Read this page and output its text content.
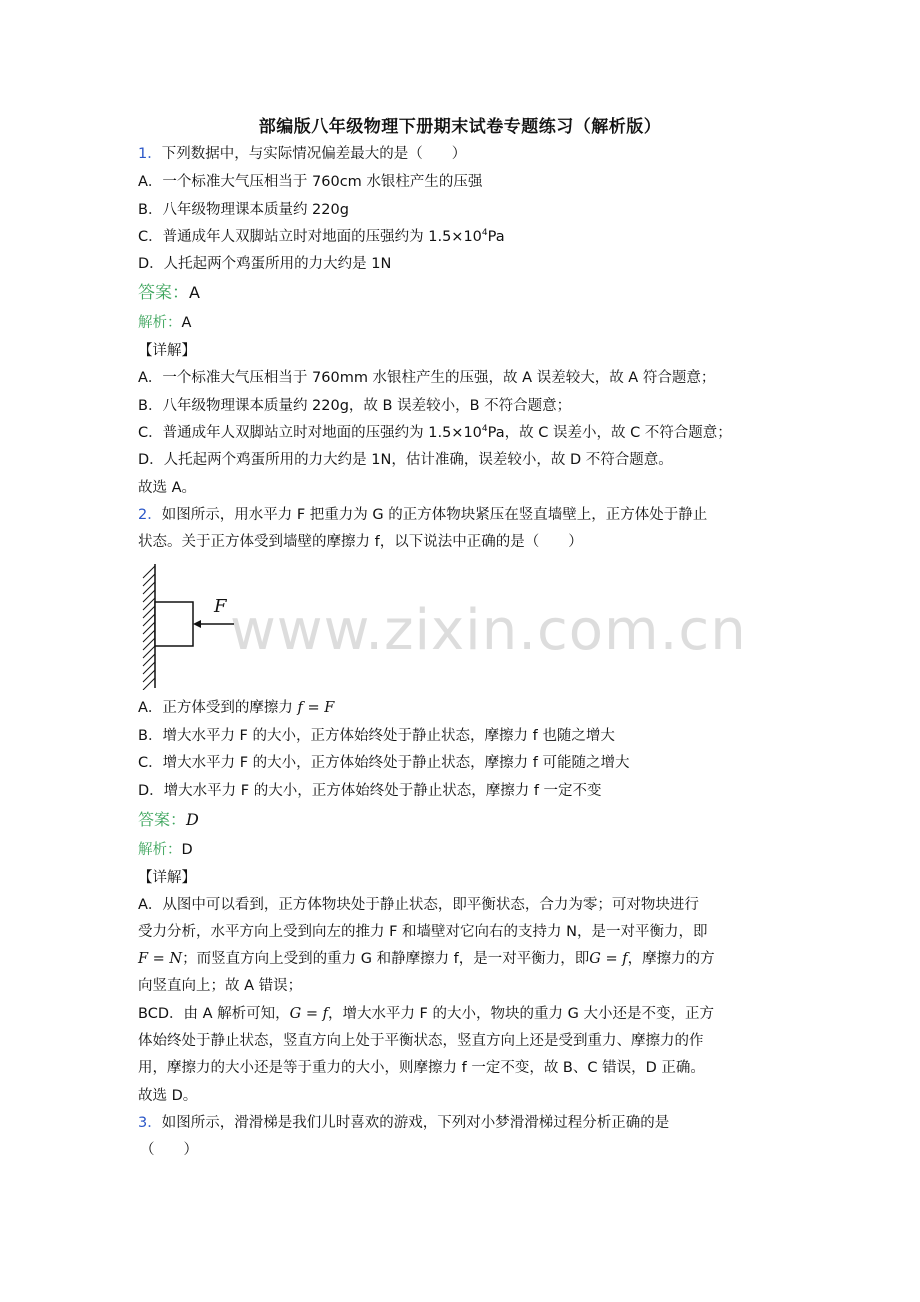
www.zixin.com.cn
部编版八年级物理下册期末试卷专题练习（解析版）
1．下列数据中，与实际情况偏差最大的是（　　）
A．一个标准大气压相当于 760cm 水银柱产生的压强
B．八年级物理课本质量约 220g
C．普通成年人双脚站立时对地面的压强约为 $1.5\times 10^4Pa$
D．人托起两个鸡蛋所用的力大约是 1N
答案：A
解析：A
【详解】
A．一个标准大气压相当于 760mm 水银柱产生的压强，故 A 误差较大，故 A 符合题意；
B．八年级物理课本质量约 220g，故 B 误差较小，B 不符合题意；
C．普通成年人双脚站立时对地面的压强约为 $1.5\times 10^4Pa$，故 C 误差小，故 C 不符合题意；
D．人托起两个鸡蛋所用的力大约是 1N，估计准确，误差较小，故 D 不符合题意。
故选 A。
2．如图所示，用水平力 F 把重力为 G 的正方体物块紧压在竖直墙壁上，正方体处于静止
状态。关于正方体受到墙壁的摩擦力 f，以下说法中正确的是（　　）
F
A．正方体受到的摩擦力 f = F
B．增大水平力 F 的大小，正方体始终处于静止状态，摩擦力 f 也随之增大
C．增大水平力 F 的大小，正方体始终处于静止状态，摩擦力 f 可能随之增大
D．增大水平力 F 的大小，正方体始终处于静止状态，摩擦力 f 一定不变
答案：D
解析：D
【详解】
A．从图中可以看到，正方体物块处于静止状态，即平衡状态，合力为零；可对物块进行
受力分析，水平方向上受到向左的推力 F 和墙壁对它向右的支持力 N，是一对平衡力，即
F = N；而竖直方向上受到的重力 G 和静摩擦力 f，是一对平衡力，即G = f，摩擦力的方
向竖直向上；故 A 错误；
BCD．由 A 解析可知，G = f，增大水平力 F 的大小，物块的重力 G 大小还是不变，正方
体始终处于静止状态，竖直方向上处于平衡状态，竖直方向上还是受到重力、摩擦力的作
用，摩擦力的大小还是等于重力的大小，则摩擦力 f 一定不变，故 B、C 错误，D 正确。
故选 D。
3．如图所示，滑滑梯是我们儿时喜欢的游戏，下列对小梦滑滑梯过程分析正确的是
（　　）
